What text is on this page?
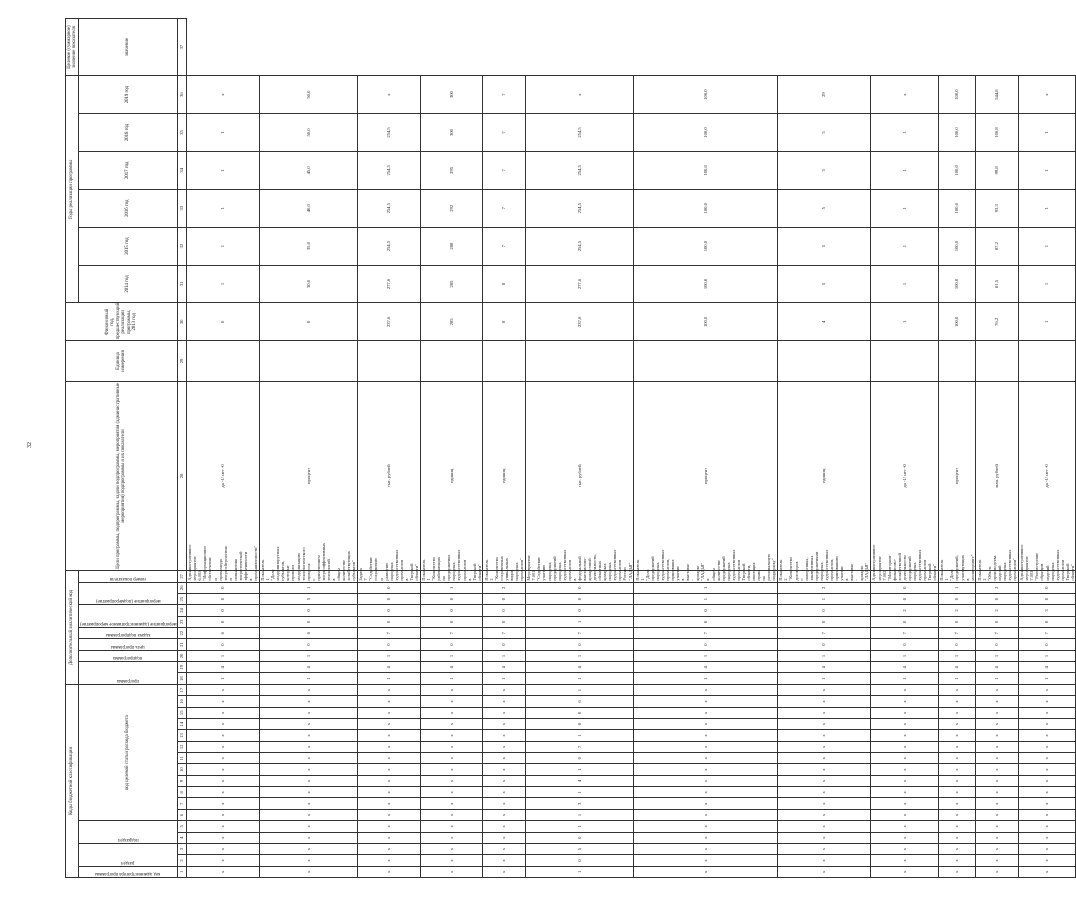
32
Коды бюджетной классификации																	Дополнительный аналитический код										Цели программы, подпрограммы, задачи подпрограммы, мероприятия (административные мероприятия) подпрограммы и их показатели	Единица измерения	Финансовый год, предшествующий реализации программы, 2013 год	Годы реализации программы						Целевое (суммарное) значение показателя

код администратора программы	раздел		подраздел		код целевой статьи расхода бюджета												программа		подпрограмма	цель программы	задача подпрограммы	мероприятие (административное мероприятие)		мероприятие (подмероприятие)		номер показателя				2014 год	2015 год	2016 год	2017 год	2018 год	2019 год	значение
1	2	3	4	5	6	7	8	9	10	11	12	13	14	15	16	17	18	19	20	21	22	23	24	25	26	27	28	29	30	31	32	33	34	35	36	37
х	х	х	х	х	х	х	х	х	х	х	х	х	х	х	х	х	1	4	1	0	6	0	0	0	0	Административное мероприятие 6.005 "Информационное обеспечение и пропаганда энергосбережения и повышения энергетической эффективности в промышленности"	да -1/ нет -0		0	1	1	1	1	1	х	
х	х	х	х	х	х	х	х	х	х	х	х	х	х	х	х	х	1	4	1	0	6	0	0	5	1	Показатель 1 "Доля модернизируемых субъектов, которые провели модернизацию технологического процесса с применением энергоэффективных технологий в общем количестве хозяйствующих субъектов"	процент		0	30,0	35,0	40,0	45,0	50,0	50,0	
х	х	х	х	х	х	х	х	х	х	х	х	х	х	х	х	х	1	4	1	0	7	0	0	0	0	Задача 7 "Содействие сохранению и развитию народных художественных промыслов в Тверской области"	тыс. рублей		237,6	277,6	254,5	254,5	254,5	254,5	х	
х	х	х	х	х	х	х	х	х	х	х	х	х	х	х	х	х	1	4	1	0	7	0	0	0	1	Показатель 1 "Количество работающих на предприятиях народных художественных промыслов в Тверской области"	единиц		285	285	288	292	295	300	300	
х	х	х	х	х	х	х	х	х	х	х	х	х	х	х	х	х	1	4	1	0	7	0	0	0	2	Показатель 2 "Количество сохраненных уникальных видов народных промыслов"	единиц		8	8	7	7	7	7	7	
1	0	5	0	1	1	3	1	4	1	0	7	1	0	0	6	1	1	4	1	0	7	1	0	0	0	Мероприятие 7.001 "Содействие участию народных предприятий народных художественных промыслов в федеральной выставочно-ярмарочной деятельности, областных ярмарках народных художественных промыслов России "ЛАДЬЯ"	тыс. рублей		237,6	277,6	254,5	254,5	254,5	254,5	х	
х	х	х	х	х	х	х	х	х	х	х	х	х	х	х	х	х	1	4	1	0	7	0	0	1	1	Показатель 1 "Доля предприятий народных художественных промыслов, принявших участие в выставке - ярмарке "ЛАДЬЯ" в общем количестве предприятий народных художественных промыслов Тверской области, имеющих право на региональную поддержку"	процент		100,0	100,0	100,0	100,0	100,0	100,0	100,0	
х	х	х	х	х	х	х	х	х	х	х	х	х	х	х	х	х	1	4	1	0	7	0	0	1	2	Показатель 2 "Количество договоров о намерениях, заключенных предприятиями народных художественных промыслов, принявшими участие в выставке - ярмарке "ЛАДЬЯ"	единиц		4	5	5	5	5	5	29	
х	х	х	х	х	х	х	х	х	х	х	х	х	х	х	х	х	1	4	1	0	7	0	2	0	0	Административное мероприятие 7.002 "Мониторинг финансово-хозяйственной деятельности предприятий народных художественных промыслов Тверской области"	да -1/ нет -0		1	1	1	1	1	1	х	
х	х	х	х	х	х	х	х	х	х	х	х	х	х	х	х	х	1	4	1	0	7	0	2	0	1	Показатель 1 "Доля предприятий, участвующих в мониторинге"	процент		100,0	100,0	100,0	100,0	100,0	100,0	100,0	
х	х	х	х	х	х	х	х	х	х	х	х	х	х	х	х	х	1	4	1	0	7	0	2	0	2	Показатель 2 "Объем производства изделий народных художественных промыслов"	млн. рублей		76,2	81,5	87,2	93,3	99,8	106,8	544,8	
х	х	х	х	х	х	х	х	х	х	х	х	х	х	х	х	х	1	4	1	0	7	0	3	0	0	Административное мероприятие 7.003 "Рассмотрение образцов изделий народных художественных промыслов Тверской области"	да -1/ нет -0		1	1	1	1	1	1	х	
